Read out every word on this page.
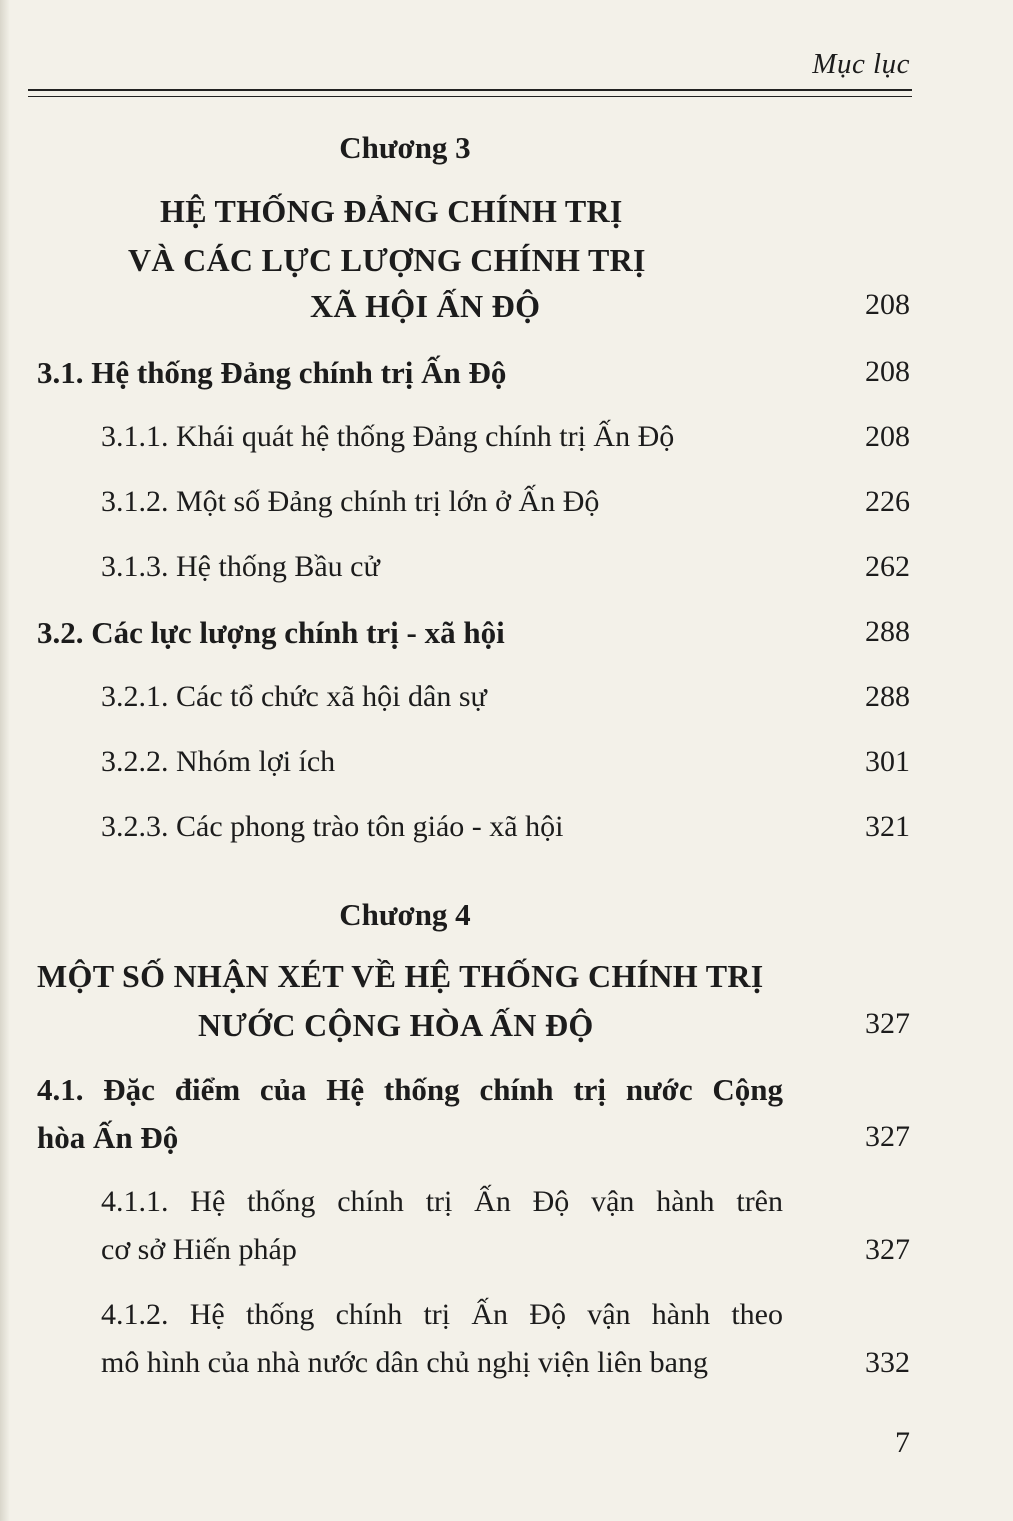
Mục lục
Chương 3
HỆ THỐNG ĐẢNG CHÍNH TRỊ
VÀ CÁC LỰC LƯỢNG CHÍNH TRỊ
XÃ HỘI ẤN ĐỘ	208
3.1. Hệ thống Đảng chính trị Ấn Độ	208
3.1.1. Khái quát hệ thống Đảng chính trị Ấn Độ	208
3.1.2. Một số Đảng chính trị lớn ở Ấn Độ	226
3.1.3. Hệ thống Bầu cử	262
3.2. Các lực lượng chính trị - xã hội	288
3.2.1. Các tổ chức xã hội dân sự	288
3.2.2. Nhóm lợi ích	301
3.2.3. Các phong trào tôn giáo - xã hội	321
Chương 4
MỘT SỐ NHẬN XÉT VỀ HỆ THỐNG CHÍNH TRỊ
NƯỚC CỘNG HÒA ẤN ĐỘ	327
4.1. Đặc điểm của Hệ thống chính trị nước Cộng
hòa Ấn Độ	327
4.1.1. Hệ thống chính trị Ấn Độ vận hành trên
cơ sở Hiến pháp	327
4.1.2. Hệ thống chính trị Ấn Độ vận hành theo
mô hình của nhà nước dân chủ nghị viện liên bang	332
7
